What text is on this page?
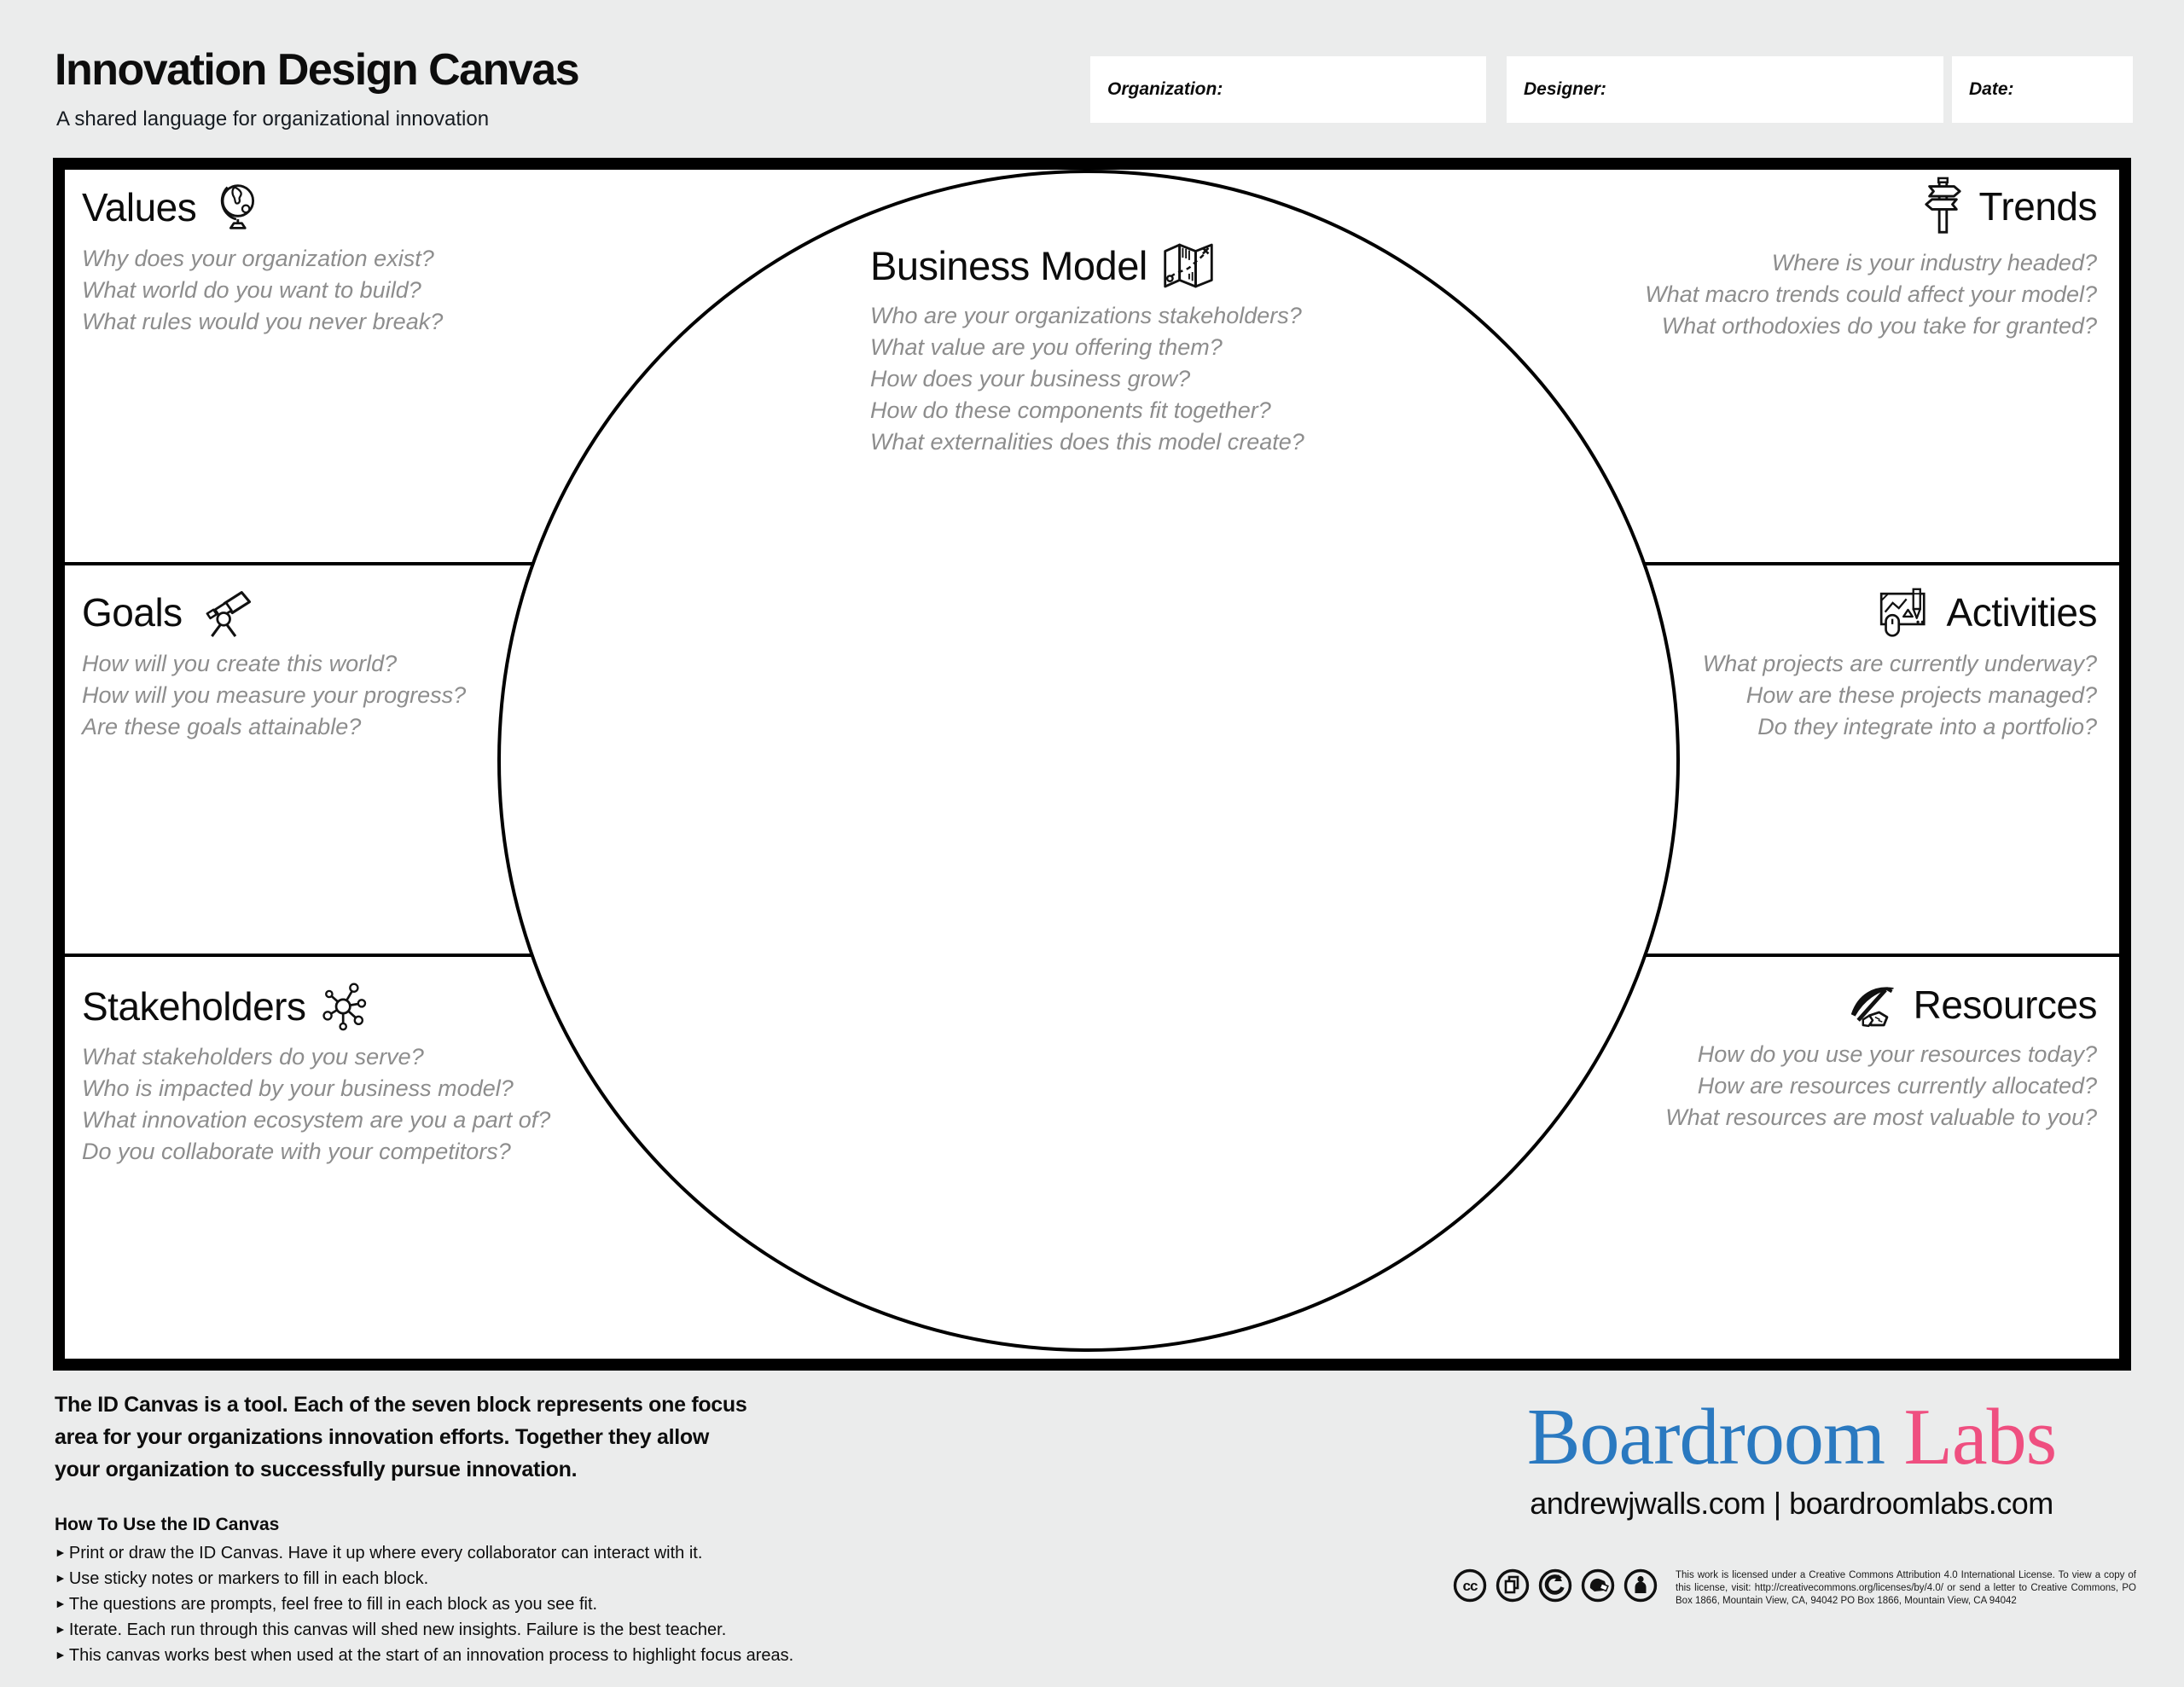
Innovation Design Canvas
A shared language for organizational innovation
Organization:	Designer:	Date:
Values
Why does your organization exist?
What world do you want to build?
What rules would you never break?
Goals
How will you create this world?
How will you measure your progress?
Are these goals attainable?
Stakeholders
What stakeholders do you serve?
Who is impacted by your business model?
What innovation ecosystem are you a part of?
Do you collaborate with your competitors?
Trends
Where is your industry headed?
What macro trends could affect your model?
What orthodoxies do you take for granted?
Activities
What projects are currently underway?
How are these projects managed?
Do they integrate into a portfolio?
Resources
How do you use your resources today?
How are resources currently allocated?
What resources are most valuable to you?
Business Model
Who are your organizations stakeholders?
What value are you offering them?
How does your business grow?
How do these components fit together?
What externalities does this model create?
The ID Canvas is a tool. Each of the seven block represents one focus
area for your organizations innovation efforts. Together they allow
your organization to successfully pursue innovation.
How To Use the ID Canvas
► Print or draw the ID Canvas. Have it up where every collaborator can interact with it.
► Use sticky notes or markers to fill in each block.
► The questions are prompts, feel free to fill in each block as you see fit.
► Iterate. Each run through this canvas will shed new insights. Failure is the best teacher.
► This canvas works best when used at the start of an innovation process to highlight focus areas.
Boardroom Labs
andrewjwalls.com | boardroomlabs.com
cc
This work is licensed under a Creative Commons Attribution 4.0 International License. To view a copy of this license, visit: http://creativecommons.org/licenses/by/4.0/ or send a letter to Creative Commons, PO Box 1866, Mountain View, CA, 94042 PO Box 1866, Mountain View, CA 94042
